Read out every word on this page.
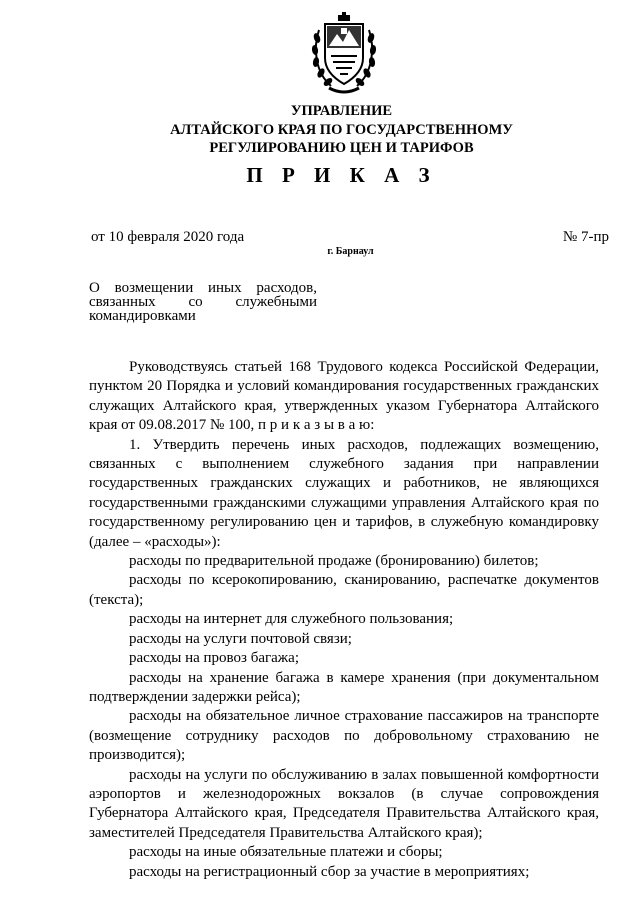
УПРАВЛЕНИЕ
АЛТАЙСКОГО КРАЯ ПО ГОСУДАРСТВЕННОМУ
РЕГУЛИРОВАНИЮ ЦЕН И ТАРИФОВ
П Р И К А З
от 10 февраля 2020 года	№ 7-пр
г. Барнаул
О возмещении иных расходов, связанных со служебными командировками

Руководствуясь статьей 168 Трудового кодекса Российской Федерации, пунктом 20 Порядка и условий командирования государственных гражданских служащих Алтайского края, утвержденных указом Губернатора Алтайского края от 09.08.2017 № 100, п р и к а з ы в а ю:

1. Утвердить перечень иных расходов, подлежащих возмещению, связанных с выполнением служебного задания при направлении государственных гражданских служащих и работников, не являющихся государственными гражданскими служащими управления Алтайского края по государственному регулированию цен и тарифов, в служебную командировку (далее – «расходы»):

расходы по предварительной продаже (бронированию) билетов;

расходы по ксерокопированию, сканированию, распечатке документов (текста);

расходы на интернет для служебного пользования;

расходы на услуги почтовой связи;

расходы на провоз багажа;

расходы на хранение багажа в камере хранения (при документальном подтверждении задержки рейса);

расходы на обязательное личное страхование пассажиров на транспорте (возмещение сотруднику расходов по добровольному страхованию не производится);

расходы на услуги по обслуживанию в залах повышенной комфортности аэропортов и железнодорожных вокзалов (в случае сопровождения Губернатора Алтайского края, Председателя Правительства Алтайского края, заместителей Председателя Правительства Алтайского края);

расходы на иные обязательные платежи и сборы;

расходы на регистрационный сбор за участие в мероприятиях;
